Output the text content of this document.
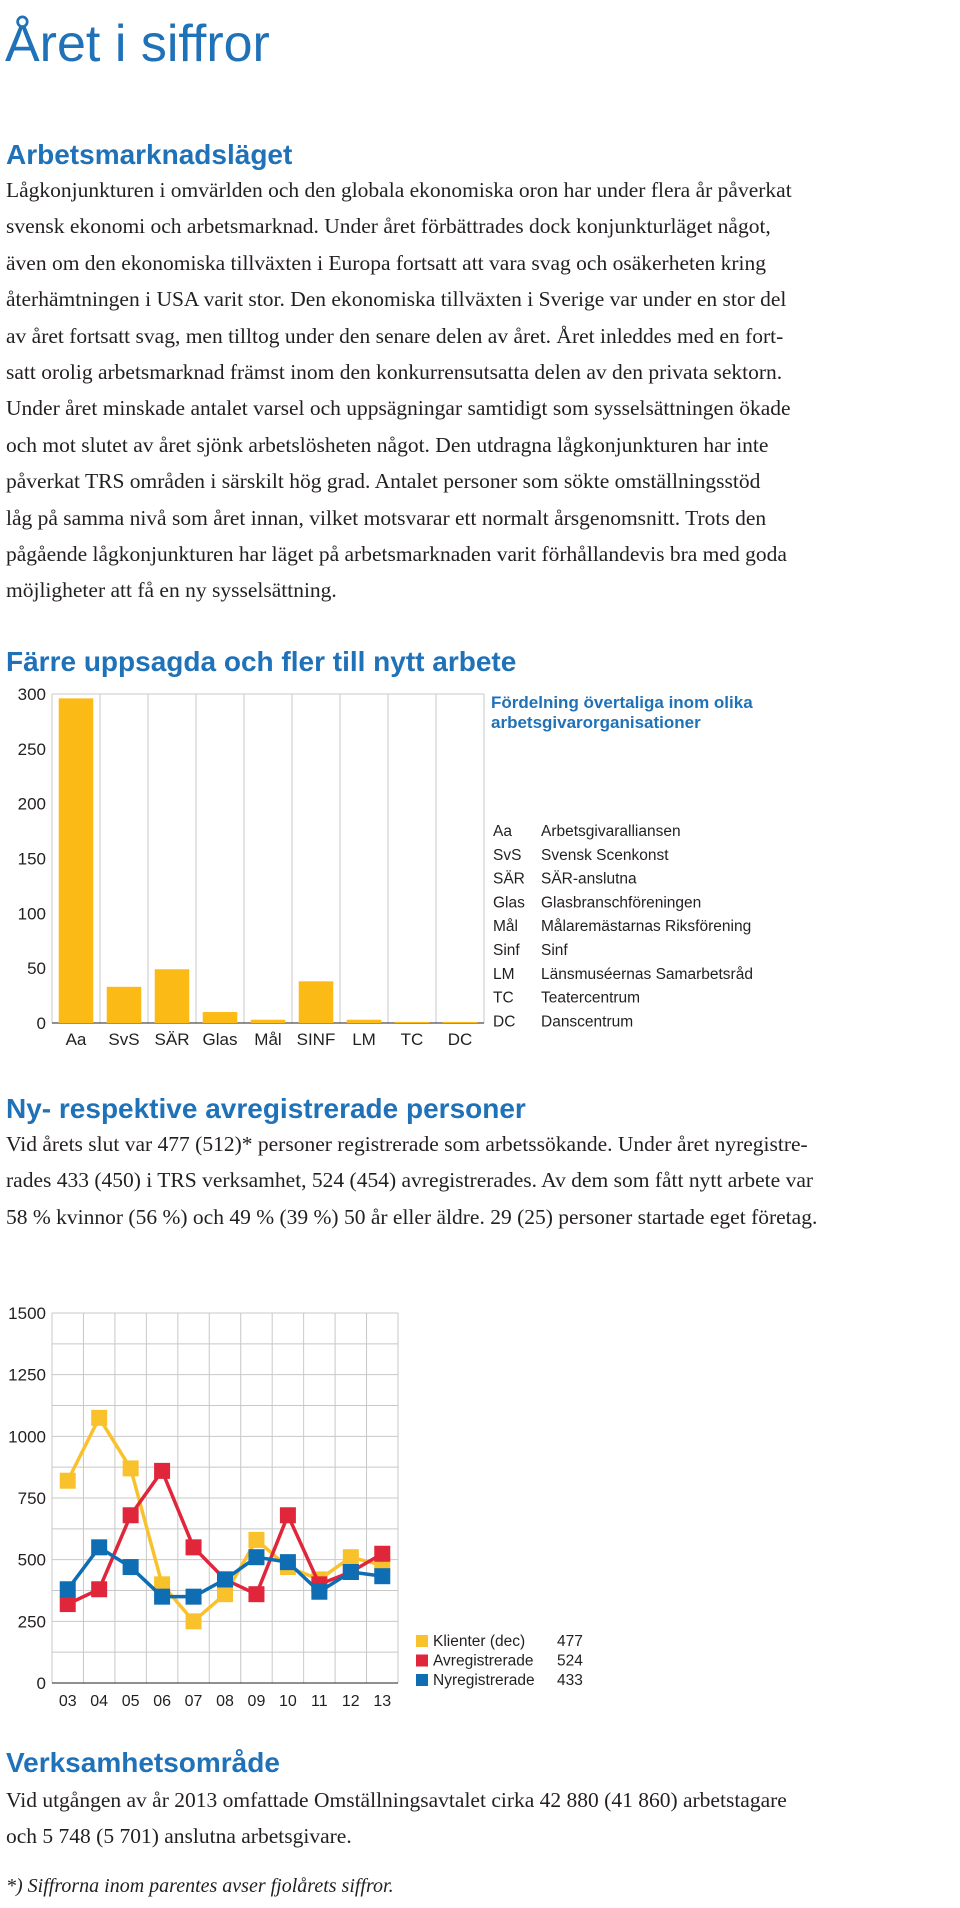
Året i siffror
Arbetsmarknadsläget
Lågkonjunkturen i omvärlden och den globala ekonomiska oron har under flera år påverkat
svensk ekonomi och arbetsmarknad. Under året förbättrades dock konjunkturläget något,
även om den ekonomiska tillväxten i Europa fortsatt att vara svag och osäkerheten kring
återhämtningen i USA varit stor. Den ekonomiska tillväxten i Sverige var under en stor del
av året fortsatt svag, men tilltog under den senare delen av året. Året inleddes med en fort-
satt orolig arbetsmarknad främst inom den konkurrensutsatta delen av den privata sektorn.
Under året minskade antalet varsel och uppsägningar samtidigt som sysselsättningen ökade
och mot slutet av året sjönk arbetslösheten något. Den utdragna lågkonjunkturen har inte
påverkat TRS områden i särskilt hög grad. Antalet personer som sökte omställningsstöd
låg på samma nivå som året innan, vilket motsvarar ett normalt årsgenomsnitt. Trots den
pågående lågkonjunkturen har läget på arbetsmarknaden varit förhållandevis bra med goda
möjligheter att få en ny sysselsättning.
Färre uppsagda och fler till nytt arbete
0
50
100
150
200
250
300
Aa SvS SÄR Glas Mål SINF LM TC DC
Fördelning övertaliga inom olika
arbetsgivarorganisationer
Aa Arbetsgivaralliansen
SvS Svensk Scenkonst
SÄR SÄR-anslutna
Glas Glasbranschföreningen
Mål Målaremästarnas Riksförening
Sinf Sinf
LM Länsmuséernas Samarbetsråd
TC Teatercentrum
DC Danscentrum
Ny- respektive avregistrerade personer
Vid årets slut var 477 (512)* personer registrerade som arbetssökande. Under året nyregistre-
rades 433 (450) i TRS verksamhet, 524 (454) avregistrerades. Av dem som fått nytt arbete var
58 % kvinnor (56 %) och 49 % (39 %) 50 år eller äldre. 29 (25) personer startade eget företag.
0
250
500
750
1000
1250
1500
03 04 05 06 07 08 09 10 11 12 13
Klienter (dec) 477
Avregistrerade 524
Nyregistrerade 433
Verksamhetsområde
Vid utgången av år 2013 omfattade Omställningsavtalet cirka 42 880 (41 860) arbetstagare
och 5 748 (5 701) anslutna arbetsgivare.

*) Siffrorna inom parentes avser fjolårets siffror.
